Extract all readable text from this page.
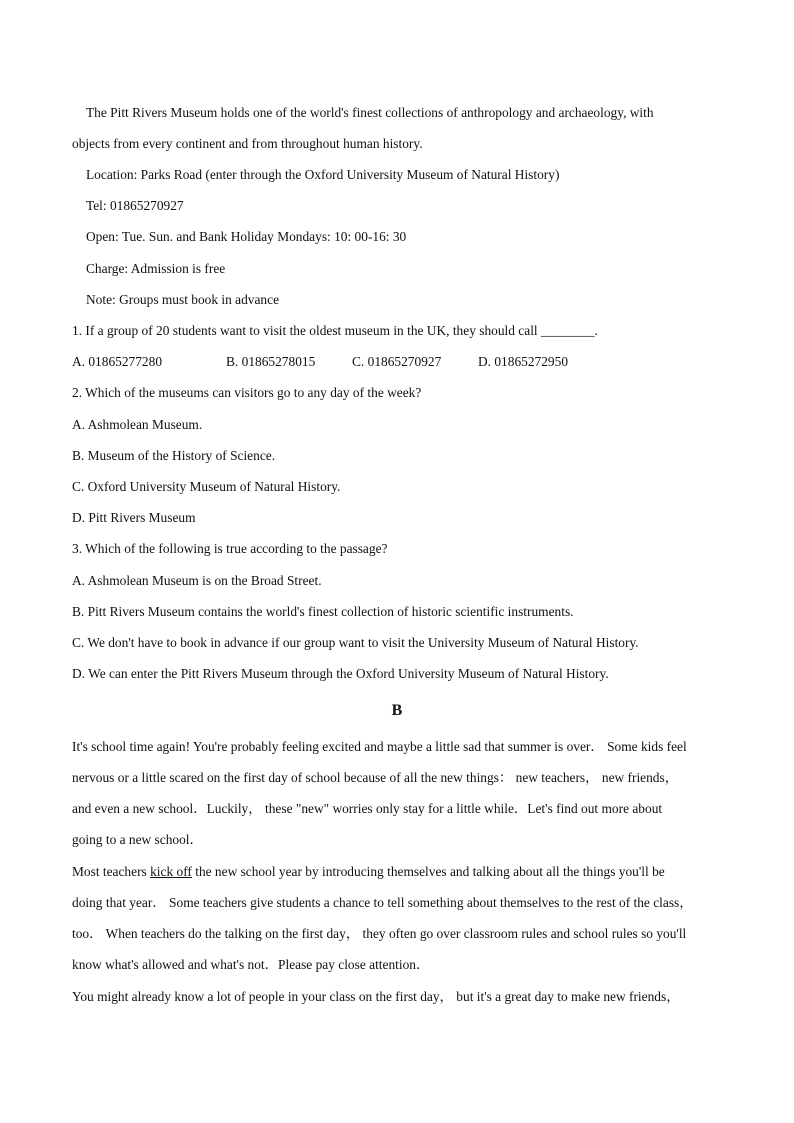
The Pitt Rivers Museum holds one of the world's finest collections of anthropology and archaeology, with
objects from every continent and from throughout human history.
Location: Parks Road (enter through the Oxford University Museum of Natural History)
Tel: 01865270927
Open: Tue. Sun. and Bank Holiday Mondays: 10: 00-16: 30
Charge: Admission is free
Note: Groups must book in advance
1. If a group of 20 students want to visit the oldest museum in the UK, they should call ________.
A. 01865277280	B. 01865278015	C. 01865270927	D. 01865272950
2. Which of the museums can visitors go to any day of the week?
A. Ashmolean Museum.
B. Museum of the History of Science.
C. Oxford University Museum of Natural History.
D. Pitt Rivers Museum
3. Which of the following is true according to the passage?
A. Ashmolean Museum is on the Broad Street.
B. Pitt Rivers Museum contains the world's finest collection of historic scientific instruments.
C. We don't have to book in advance if our group want to visit the University Museum of Natural History.
D. We can enter the Pitt Rivers Museum through the Oxford University Museum of Natural History.
B
It's school time again! You're probably feeling excited and maybe a little sad that summer is over． Some kids feel
nervous or a little scared on the first day of school because of all the new things： new teachers， new friends，
and even a new school．Luckily， these "new" worries only stay for a little while．Let's find out more about
going to a new school．
Most teachers kick off the new school year by introducing themselves and talking about all the things you'll be
doing that year． Some teachers give students a chance to tell something about themselves to the rest of the class，
too． When teachers do the talking on the first day， they often go over classroom rules and school rules so you'll
know what's allowed and what's not．Please pay close attention．
You might already know a lot of people in your class on the first day， but it's a great day to make new friends，
